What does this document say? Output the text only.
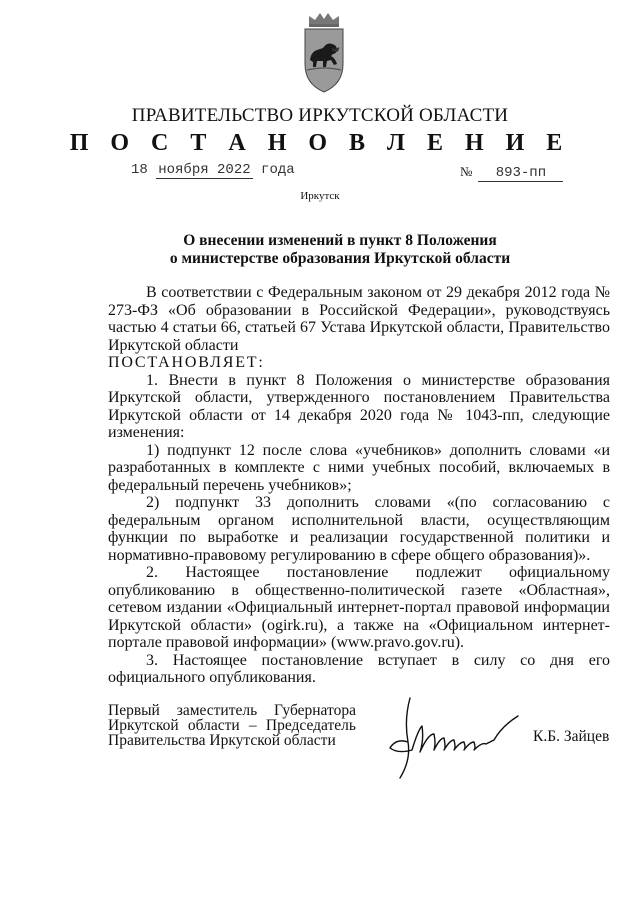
ПРАВИТЕЛЬСТВО ИРКУТСКОЙ ОБЛАСТИ
П О С Т А Н О В Л Е Н И Е
18 ноября 2022 года	№ 893-пп
Иркутск
О внесении изменений в пункт 8 Положения
о министерстве образования Иркутской области

В соответствии с Федеральным законом от 29 декабря 2012 года № 273-ФЗ «Об образовании в Российской Федерации», руководствуясь частью 4 статьи 66, статьей 67 Устава Иркутской области, Правительство Иркутской области

ПОСТАНОВЛЯЕТ:

1. Внести в пункт 8 Положения о министерстве образования Иркутской области, утвержденного постановлением Правительства Иркутской области от 14 декабря 2020 года № 1043-пп, следующие изменения:

1) подпункт 12 после слова «учебников» дополнить словами «и разработанных в комплекте с ними учебных пособий, включаемых в федеральный перечень учебников»;

2) подпункт 33 дополнить словами «(по согласованию с федеральным органом исполнительной власти, осуществляющим функции по выработке и реализации государственной политики и нормативно-правовому регулированию в сфере общего образования)».

2. Настоящее постановление подлежит официальному опубликованию в общественно-политической газете «Областная», сетевом издании «Официальный интернет-портал правовой информации Иркутской области» (ogirk.ru), а также на «Официальном интернет-портале правовой информации» (www.pravo.gov.ru).

3. Настоящее постановление вступает в силу со дня его официального опубликования.

Первый заместитель Губернатора
Иркутской области – Председатель
Правительства Иркутской области	К.Б. Зайцев
